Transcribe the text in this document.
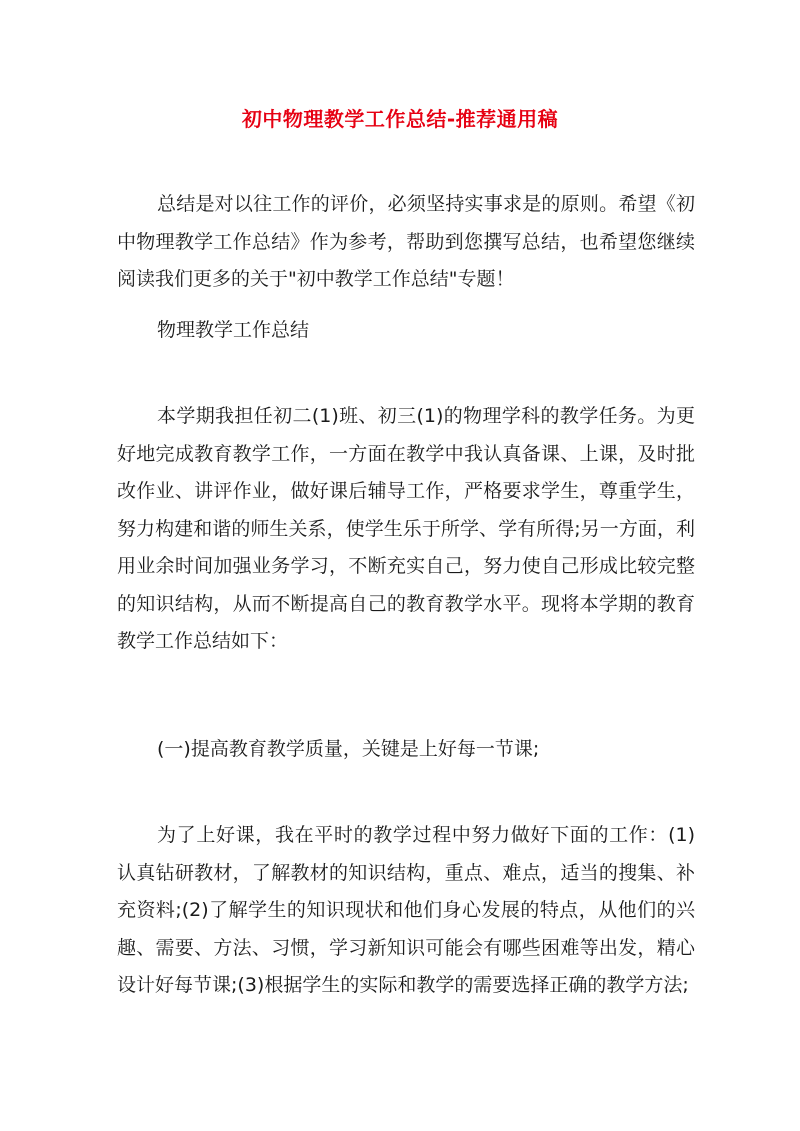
初中物理教学工作总结-推荐通用稿

总结是对以往工作的评价，必须坚持实事求是的原则。希望《初中物理教学工作总结》作为参考，帮助到您撰写总结，也希望您继续阅读我们更多的关于"初中教学工作总结"专题！

物理教学工作总结

本学期我担任初二(1)班、初三(1)的物理学科的教学任务。为更好地完成教育教学工作，一方面在教学中我认真备课、上课，及时批改作业、讲评作业，做好课后辅导工作，严格要求学生，尊重学生，努力构建和谐的师生关系，使学生乐于所学、学有所得;另一方面，利用业余时间加强业务学习，不断充实自己，努力使自己形成比较完整的知识结构，从而不断提高自己的教育教学水平。现将本学期的教育教学工作总结如下：

(一)提高教育教学质量，关键是上好每一节课;

为了上好课，我在平时的教学过程中努力做好下面的工作：(1)认真钻研教材，了解教材的知识结构，重点、难点，适当的搜集、补充资料;(2)了解学生的知识现状和他们身心发展的特点，从他们的兴趣、需要、方法、习惯，学习新知识可能会有哪些困难等出发，精心设计好每节课;(3)根据学生的实际和教学的需要选择正确的教学方法;
